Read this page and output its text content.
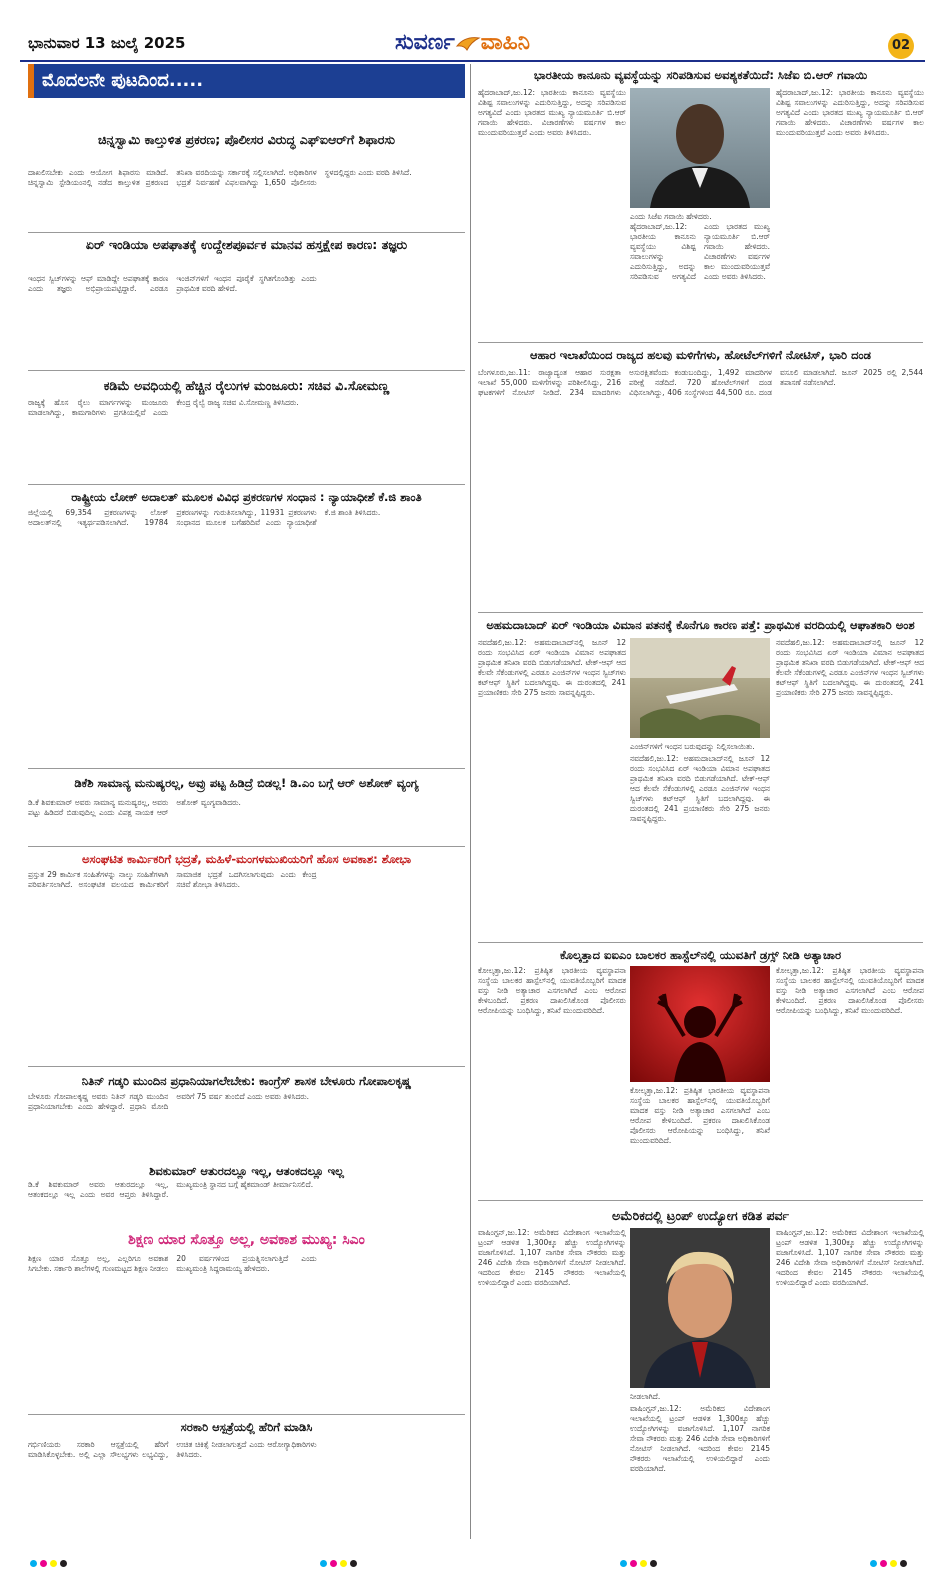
ಭಾನುವಾರ 13 ಜುಲೈ 2025	ಸುವರ್ಣ ವಾಹಿನಿ	02
ಮೊದಲನೇ ಪುಟದಿಂದ.....
ಚಿನ್ನಸ್ವಾಮಿ ಕಾಲ್ತುಳಿತ ಪ್ರಕರಣ; ಪೊಲೀಸರ ವಿರುದ್ಧ ಎಫ್‌ಐಆರ್‌ಗೆ ಶಿಫಾರಸು
ದಾಖಲಿಸಬೇಕು ಎಂದು ಆಯೋಗ ಶಿಫಾರಸು ಮಾಡಿದೆ. ಚಿನ್ನಸ್ವಾಮಿ ಸ್ಟೇಡಿಯಂನಲ್ಲಿ ನಡೆದ ಕಾಲ್ತುಳಿತ ಪ್ರಕರಣದ ತನಿಖಾ ವರದಿಯನ್ನು ಸರ್ಕಾರಕ್ಕೆ ಸಲ್ಲಿಸಲಾಗಿದೆ. ಅಧಿಕಾರಿಗಳ ಭದ್ರತೆ ನಿರ್ವಹಣೆ ವಿಫಲವಾಗಿದ್ದು 1,650 ಪೊಲೀಸರು ಸ್ಥಳದಲ್ಲಿದ್ದರು ಎಂದು ವರದಿ ತಿಳಿಸಿದೆ.
ಏರ್ ಇಂಡಿಯಾ ಅಪಘಾತಕ್ಕೆ ಉದ್ದೇಶಪೂರ್ವಕ ಮಾನವ ಹಸ್ತಕ್ಷೇಪ ಕಾರಣ: ತಜ್ಞರು
ಇಂಧನ ಸ್ವಿಚ್‌ಗಳನ್ನು ಆಫ್ ಮಾಡಿದ್ದೇ ಅಪಘಾತಕ್ಕೆ ಕಾರಣ ಎಂದು ತಜ್ಞರು ಅಭಿಪ್ರಾಯಪಟ್ಟಿದ್ದಾರೆ. ಎರಡೂ ಇಂಜಿನ್‌ಗಳಿಗೆ ಇಂಧನ ಪೂರೈಕೆ ಸ್ಥಗಿತಗೊಂಡಿತ್ತು ಎಂದು ಪ್ರಾಥಮಿಕ ವರದಿ ಹೇಳಿದೆ.
ಕಡಿಮೆ ಅವಧಿಯಲ್ಲಿ ಹೆಚ್ಚಿನ ರೈಲುಗಳ ಮಂಜೂರು: ಸಚಿವ ವಿ.ಸೋಮಣ್ಣ
ರಾಜ್ಯಕ್ಕೆ ಹೊಸ ರೈಲು ಮಾರ್ಗಗಳನ್ನು ಮಂಜೂರು ಮಾಡಲಾಗಿದ್ದು, ಕಾಮಗಾರಿಗಳು ಪ್ರಗತಿಯಲ್ಲಿವೆ ಎಂದು ಕೇಂದ್ರ ರೈಲ್ವೆ ರಾಜ್ಯ ಸಚಿವ ವಿ.ಸೋಮಣ್ಣ ತಿಳಿಸಿದರು.
ರಾಷ್ಟ್ರೀಯ ಲೋಕ್ ಅದಾಲತ್ ಮೂಲಕ ವಿವಿಧ ಪ್ರಕರಣಗಳ ಸಂಧಾನ : ನ್ಯಾಯಾಧೀಶೆ ಕೆ.ಜಿ ಶಾಂತಿ
ಜಿಲ್ಲೆಯಲ್ಲಿ 69,354 ಪ್ರಕರಣಗಳನ್ನು ಲೋಕ್ ಅದಾಲತ್‌ನಲ್ಲಿ ಇತ್ಯರ್ಥಪಡಿಸಲಾಗಿದೆ. 19784 ಪ್ರಕರಣಗಳನ್ನು ಗುರುತಿಸಲಾಗಿದ್ದು, 11931 ಪ್ರಕರಣಗಳು ಸಂಧಾನದ ಮೂಲಕ ಬಗೆಹರಿದಿವೆ ಎಂದು ನ್ಯಾಯಾಧೀಶೆ ಕೆ.ಜಿ ಶಾಂತಿ ತಿಳಿಸಿದರು.
ಡಿಕೆಶಿ ಸಾಮಾನ್ಯ ಮನುಷ್ಯರಲ್ಲ, ಅವ್ರು ಪಟ್ಟ ಹಿಡಿದ್ರೆ ಬಿಡಲ್ಲ! ಡಿ.ಎಂ ಬಗ್ಗೆ ಆರ್ ಅಶೋಕ್ ವ್ಯಂಗ್ಯ
ಡಿ.ಕೆ ಶಿವಕುಮಾರ್ ಅವರು ಸಾಮಾನ್ಯ ಮನುಷ್ಯರಲ್ಲ, ಅವರು ಪಟ್ಟು ಹಿಡಿದರೆ ಬಿಡುವುದಿಲ್ಲ ಎಂದು ವಿಪಕ್ಷ ನಾಯಕ ಆರ್ ಅಶೋಕ್ ವ್ಯಂಗ್ಯವಾಡಿದರು.
ಅಸಂಘಟಿತ ಕಾರ್ಮಿಕರಿಗೆ ಭದ್ರತೆ, ಮಹಿಳೆ-ಮಂಗಳಮುಖಿಯರಿಗೆ ಹೊಸ ಅವಕಾಶ: ಶೋಭಾ
ಪ್ರಸ್ತುತ 29 ಕಾರ್ಮಿಕ ಸಂಹಿತೆಗಳನ್ನು ನಾಲ್ಕು ಸಂಹಿತೆಗಳಾಗಿ ಪರಿವರ್ತಿಸಲಾಗಿದೆ. ಅಸಂಘಟಿತ ವಲಯದ ಕಾರ್ಮಿಕರಿಗೆ ಸಾಮಾಜಿಕ ಭದ್ರತೆ ಒದಗಿಸಲಾಗುವುದು ಎಂದು ಕೇಂದ್ರ ಸಚಿವೆ ಶೋಭಾ ತಿಳಿಸಿದರು.
ನಿತಿನ್ ಗಡ್ಕರಿ ಮುಂದಿನ ಪ್ರಧಾನಿಯಾಗಲೇಬೇಕು: ಕಾಂಗ್ರೆಸ್ ಶಾಸಕ ಬೇಳೂರು ಗೋಪಾಲಕೃಷ್ಣ
ಬೇಳೂರು ಗೋಪಾಲಕೃಷ್ಣ ಅವರು ನಿತಿನ್ ಗಡ್ಕರಿ ಮುಂದಿನ ಪ್ರಧಾನಿಯಾಗಬೇಕು ಎಂದು ಹೇಳಿದ್ದಾರೆ. ಪ್ರಧಾನಿ ಮೋದಿ ಅವರಿಗೆ 75 ವರ್ಷ ತುಂಬಿದೆ ಎಂದು ಅವರು ತಿಳಿಸಿದರು.
ಶಿವಕುಮಾರ್ ಆತುರದಲ್ಲೂ ಇಲ್ಲ, ಆತಂಕದಲ್ಲೂ ಇಲ್ಲ
ಡಿ.ಕೆ ಶಿವಕುಮಾರ್ ಅವರು ಆತುರದಲ್ಲೂ ಇಲ್ಲ, ಆತಂಕದಲ್ಲೂ ಇಲ್ಲ ಎಂದು ಅವರ ಆಪ್ತರು ತಿಳಿಸಿದ್ದಾರೆ. ಮುಖ್ಯಮಂತ್ರಿ ಸ್ಥಾನದ ಬಗ್ಗೆ ಹೈಕಮಾಂಡ್ ತೀರ್ಮಾನಿಸಲಿದೆ.
ಶಿಕ್ಷಣ ಯಾರ ಸೊತ್ತೂ ಅಲ್ಲ, ಅವಕಾಶ ಮುಖ್ಯ: ಸಿಎಂ
ಶಿಕ್ಷಣ ಯಾರ ಸೊತ್ತೂ ಅಲ್ಲ, ಎಲ್ಲರಿಗೂ ಅವಕಾಶ ಸಿಗಬೇಕು. ಸರ್ಕಾರಿ ಶಾಲೆಗಳಲ್ಲಿ ಗುಣಮಟ್ಟದ ಶಿಕ್ಷಣ ನೀಡಲು 20 ವರ್ಷಗಳಿಂದ ಪ್ರಯತ್ನಿಸಲಾಗುತ್ತಿದೆ ಎಂದು ಮುಖ್ಯಮಂತ್ರಿ ಸಿದ್ದರಾಮಯ್ಯ ಹೇಳಿದರು.
ಸರಕಾರಿ ಆಸ್ಪತ್ರೆಯಲ್ಲಿ ಹೆರಿಗೆ ಮಾಡಿಸಿ
ಗರ್ಭಿಣಿಯರು ಸರಕಾರಿ ಆಸ್ಪತ್ರೆಯಲ್ಲಿ ಹೆರಿಗೆ ಮಾಡಿಸಿಕೊಳ್ಳಬೇಕು. ಅಲ್ಲಿ ಎಲ್ಲಾ ಸೌಲಭ್ಯಗಳು ಲಭ್ಯವಿದ್ದು, ಉಚಿತ ಚಿಕಿತ್ಸೆ ನೀಡಲಾಗುತ್ತದೆ ಎಂದು ಆರೋಗ್ಯಾಧಿಕಾರಿಗಳು ತಿಳಿಸಿದರು.
ಭಾರತೀಯ ಕಾನೂನು ವ್ಯವಸ್ಥೆಯನ್ನು ಸರಿಪಡಿಸುವ ಅವಶ್ಯಕತೆಯಿದೆ: ಸಿಜೆಐ ಬಿ.ಆರ್ ಗವಾಯಿ
ಎಂದು ಸಿಜೆಐ ಗವಾಯಿ ಹೇಳಿದರು.
ಹೈದರಾಬಾದ್,ಜು.12: ಭಾರತೀಯ ಕಾನೂನು ವ್ಯವಸ್ಥೆಯು ವಿಶಿಷ್ಟ ಸವಾಲುಗಳನ್ನು ಎದುರಿಸುತ್ತಿದ್ದು, ಅದನ್ನು ಸರಿಪಡಿಸುವ ಅಗತ್ಯವಿದೆ ಎಂದು ಭಾರತದ ಮುಖ್ಯ ನ್ಯಾಯಮೂರ್ತಿ ಬಿ.ಆರ್ ಗವಾಯಿ ಹೇಳಿದರು. ವಿಚಾರಣೆಗಳು ವರ್ಷಗಳ ಕಾಲ ಮುಂದುವರಿಯುತ್ತವೆ ಎಂದು ಅವರು ತಿಳಿಸಿದರು.
ಹೈದರಾಬಾದ್,ಜು.12: ಭಾರತೀಯ ಕಾನೂನು ವ್ಯವಸ್ಥೆಯು ವಿಶಿಷ್ಟ ಸವಾಲುಗಳನ್ನು ಎದುರಿಸುತ್ತಿದ್ದು, ಅದನ್ನು ಸರಿಪಡಿಸುವ ಅಗತ್ಯವಿದೆ ಎಂದು ಭಾರತದ ಮುಖ್ಯ ನ್ಯಾಯಮೂರ್ತಿ ಬಿ.ಆರ್ ಗವಾಯಿ ಹೇಳಿದರು. ವಿಚಾರಣೆಗಳು ವರ್ಷಗಳ ಕಾಲ ಮುಂದುವರಿಯುತ್ತವೆ ಎಂದು ಅವರು ತಿಳಿಸಿದರು.
ಹೈದರಾಬಾದ್,ಜು.12: ಭಾರತೀಯ ಕಾನೂನು ವ್ಯವಸ್ಥೆಯು ವಿಶಿಷ್ಟ ಸವಾಲುಗಳನ್ನು ಎದುರಿಸುತ್ತಿದ್ದು, ಅದನ್ನು ಸರಿಪಡಿಸುವ ಅಗತ್ಯವಿದೆ ಎಂದು ಭಾರತದ ಮುಖ್ಯ ನ್ಯಾಯಮೂರ್ತಿ ಬಿ.ಆರ್ ಗವಾಯಿ ಹೇಳಿದರು. ವಿಚಾರಣೆಗಳು ವರ್ಷಗಳ ಕಾಲ ಮುಂದುವರಿಯುತ್ತವೆ ಎಂದು ಅವರು ತಿಳಿಸಿದರು.
ಆಹಾರ ಇಲಾಖೆಯಿಂದ ರಾಜ್ಯದ ಹಲವು ಮಳಿಗೆಗಳು, ಹೋಟೆಲ್‌ಗಳಿಗೆ ನೋಟಿಸ್, ಭಾರಿ ದಂಡ
ಬೆಂಗಳೂರು,ಜು.11: ರಾಜ್ಯಾದ್ಯಂತ ಆಹಾರ ಸುರಕ್ಷತಾ ಇಲಾಖೆ 55,000 ಮಳಿಗೆಗಳನ್ನು ಪರಿಶೀಲಿಸಿದ್ದು, 216 ಘಟಕಗಳಿಗೆ ನೋಟಿಸ್ ನೀಡಿದೆ. 234 ಮಾದರಿಗಳು ಅಸುರಕ್ಷಿತವೆಂದು ಕಂಡುಬಂದಿದ್ದು, 1,492 ಮಾದರಿಗಳ ಪರೀಕ್ಷೆ ನಡೆದಿದೆ. 720 ಹೋಟೆಲ್‌ಗಳಿಗೆ ದಂಡ ವಿಧಿಸಲಾಗಿದ್ದು, 406 ಸಂಸ್ಥೆಗಳಿಂದ 44,500 ರೂ. ದಂಡ ವಸೂಲಿ ಮಾಡಲಾಗಿದೆ. ಜೂನ್ 2025 ರಲ್ಲಿ 2,544 ತಪಾಸಣೆ ನಡೆಸಲಾಗಿದೆ.
ಅಹಮದಾಬಾದ್ ಏರ್ ಇಂಡಿಯಾ ವಿಮಾನ ಪತನಕ್ಕೆ ಕೊನೆಗೂ ಕಾರಣ ಪತ್ತೆ: ಪ್ರಾಥಮಿಕ ವರದಿಯಲ್ಲಿ ಆಘಾತಕಾರಿ ಅಂಶ
ಎಂಜಿನ್‌ಗಳಿಗೆ ಇಂಧನ ಬರುವುದನ್ನು ನಿಲ್ಲಿಸಲಾಯಿತು.
ನವದೆಹಲಿ,ಜು.12: ಅಹಮದಾಬಾದ್‌ನಲ್ಲಿ ಜೂನ್ 12 ರಂದು ಸಂಭವಿಸಿದ ಏರ್ ಇಂಡಿಯಾ ವಿಮಾನ ಅಪಘಾತದ ಪ್ರಾಥಮಿಕ ತನಿಖಾ ವರದಿ ಬಿಡುಗಡೆಯಾಗಿದೆ. ಟೇಕ್-ಆಫ್ ಆದ ಕೆಲವೇ ಸೆಕೆಂಡುಗಳಲ್ಲಿ ಎರಡೂ ಎಂಜಿನ್‌ಗಳ ಇಂಧನ ಸ್ವಿಚ್‌ಗಳು ಕಟ್‌ಆಫ್ ಸ್ಥಿತಿಗೆ ಬದಲಾಗಿದ್ದವು. ಈ ದುರಂತದಲ್ಲಿ 241 ಪ್ರಯಾಣಿಕರು ಸೇರಿ 275 ಜನರು ಸಾವನ್ನಪ್ಪಿದ್ದರು.
ನವದೆಹಲಿ,ಜು.12: ಅಹಮದಾಬಾದ್‌ನಲ್ಲಿ ಜೂನ್ 12 ರಂದು ಸಂಭವಿಸಿದ ಏರ್ ಇಂಡಿಯಾ ವಿಮಾನ ಅಪಘಾತದ ಪ್ರಾಥಮಿಕ ತನಿಖಾ ವರದಿ ಬಿಡುಗಡೆಯಾಗಿದೆ. ಟೇಕ್-ಆಫ್ ಆದ ಕೆಲವೇ ಸೆಕೆಂಡುಗಳಲ್ಲಿ ಎರಡೂ ಎಂಜಿನ್‌ಗಳ ಇಂಧನ ಸ್ವಿಚ್‌ಗಳು ಕಟ್‌ಆಫ್ ಸ್ಥಿತಿಗೆ ಬದಲಾಗಿದ್ದವು. ಈ ದುರಂತದಲ್ಲಿ 241 ಪ್ರಯಾಣಿಕರು ಸೇರಿ 275 ಜನರು ಸಾವನ್ನಪ್ಪಿದ್ದರು.
ನವದೆಹಲಿ,ಜು.12: ಅಹಮದಾಬಾದ್‌ನಲ್ಲಿ ಜೂನ್ 12 ರಂದು ಸಂಭವಿಸಿದ ಏರ್ ಇಂಡಿಯಾ ವಿಮಾನ ಅಪಘಾತದ ಪ್ರಾಥಮಿಕ ತನಿಖಾ ವರದಿ ಬಿಡುಗಡೆಯಾಗಿದೆ. ಟೇಕ್-ಆಫ್ ಆದ ಕೆಲವೇ ಸೆಕೆಂಡುಗಳಲ್ಲಿ ಎರಡೂ ಎಂಜಿನ್‌ಗಳ ಇಂಧನ ಸ್ವಿಚ್‌ಗಳು ಕಟ್‌ಆಫ್ ಸ್ಥಿತಿಗೆ ಬದಲಾಗಿದ್ದವು. ಈ ದುರಂತದಲ್ಲಿ 241 ಪ್ರಯಾಣಿಕರು ಸೇರಿ 275 ಜನರು ಸಾವನ್ನಪ್ಪಿದ್ದರು.
ಕೊಲ್ಕತ್ತಾದ ಐಐಎಂ ಬಾಲಕರ ಹಾಸ್ಟೆಲ್‌ನಲ್ಲಿ ಯುವತಿಗೆ ಡ್ರಗ್ಸ್ ನೀಡಿ ಅತ್ಯಾಚಾರ
ಕೋಲ್ಕತ್ತಾ,ಜು.12: ಪ್ರತಿಷ್ಠಿತ ಭಾರತೀಯ ವ್ಯವಸ್ಥಾಪನಾ ಸಂಸ್ಥೆಯ ಬಾಲಕರ ಹಾಸ್ಟೆಲ್‌ನಲ್ಲಿ ಯುವತಿಯೊಬ್ಬರಿಗೆ ಮಾದಕ ವಸ್ತು ನೀಡಿ ಅತ್ಯಾಚಾರ ಎಸಗಲಾಗಿದೆ ಎಂಬ ಆರೋಪ ಕೇಳಿಬಂದಿದೆ. ಪ್ರಕರಣ ದಾಖಲಿಸಿಕೊಂಡ ಪೊಲೀಸರು ಆರೋಪಿಯನ್ನು ಬಂಧಿಸಿದ್ದು, ತನಿಖೆ ಮುಂದುವರಿದಿದೆ.
ಕೋಲ್ಕತ್ತಾ,ಜು.12: ಪ್ರತಿಷ್ಠಿತ ಭಾರತೀಯ ವ್ಯವಸ್ಥಾಪನಾ ಸಂಸ್ಥೆಯ ಬಾಲಕರ ಹಾಸ್ಟೆಲ್‌ನಲ್ಲಿ ಯುವತಿಯೊಬ್ಬರಿಗೆ ಮಾದಕ ವಸ್ತು ನೀಡಿ ಅತ್ಯಾಚಾರ ಎಸಗಲಾಗಿದೆ ಎಂಬ ಆರೋಪ ಕೇಳಿಬಂದಿದೆ. ಪ್ರಕರಣ ದಾಖಲಿಸಿಕೊಂಡ ಪೊಲೀಸರು ಆರೋಪಿಯನ್ನು ಬಂಧಿಸಿದ್ದು, ತನಿಖೆ ಮುಂದುವರಿದಿದೆ.
ಕೋಲ್ಕತ್ತಾ,ಜು.12: ಪ್ರತಿಷ್ಠಿತ ಭಾರತೀಯ ವ್ಯವಸ್ಥಾಪನಾ ಸಂಸ್ಥೆಯ ಬಾಲಕರ ಹಾಸ್ಟೆಲ್‌ನಲ್ಲಿ ಯುವತಿಯೊಬ್ಬರಿಗೆ ಮಾದಕ ವಸ್ತು ನೀಡಿ ಅತ್ಯಾಚಾರ ಎಸಗಲಾಗಿದೆ ಎಂಬ ಆರೋಪ ಕೇಳಿಬಂದಿದೆ. ಪ್ರಕರಣ ದಾಖಲಿಸಿಕೊಂಡ ಪೊಲೀಸರು ಆರೋಪಿಯನ್ನು ಬಂಧಿಸಿದ್ದು, ತನಿಖೆ ಮುಂದುವರಿದಿದೆ.
ಅಮೆರಿಕದಲ್ಲಿ ಟ್ರಂಪ್ ಉದ್ಯೋಗ ಕಡಿತ ಪರ್ವ
ನೀಡಲಾಗಿದೆ.
ವಾಷಿಂಗ್ಟನ್,ಜು.12: ಅಮೆರಿಕದ ವಿದೇಶಾಂಗ ಇಲಾಖೆಯಲ್ಲಿ ಟ್ರಂಪ್ ಆಡಳಿತ 1,300ಕ್ಕೂ ಹೆಚ್ಚು ಉದ್ಯೋಗಿಗಳನ್ನು ವಜಾಗೊಳಿಸಿದೆ. 1,107 ನಾಗರಿಕ ಸೇವಾ ನೌಕರರು ಮತ್ತು 246 ವಿದೇಶಿ ಸೇವಾ ಅಧಿಕಾರಿಗಳಿಗೆ ನೋಟಿಸ್ ನೀಡಲಾಗಿದೆ. ಇದರಿಂದ ಕೇವಲ 2145 ನೌಕರರು ಇಲಾಖೆಯಲ್ಲಿ ಉಳಿಯಲಿದ್ದಾರೆ ಎಂದು ವರದಿಯಾಗಿದೆ.
ವಾಷಿಂಗ್ಟನ್,ಜು.12: ಅಮೆರಿಕದ ವಿದೇಶಾಂಗ ಇಲಾಖೆಯಲ್ಲಿ ಟ್ರಂಪ್ ಆಡಳಿತ 1,300ಕ್ಕೂ ಹೆಚ್ಚು ಉದ್ಯೋಗಿಗಳನ್ನು ವಜಾಗೊಳಿಸಿದೆ. 1,107 ನಾಗರಿಕ ಸೇವಾ ನೌಕರರು ಮತ್ತು 246 ವಿದೇಶಿ ಸೇವಾ ಅಧಿಕಾರಿಗಳಿಗೆ ನೋಟಿಸ್ ನೀಡಲಾಗಿದೆ. ಇದರಿಂದ ಕೇವಲ 2145 ನೌಕರರು ಇಲಾಖೆಯಲ್ಲಿ ಉಳಿಯಲಿದ್ದಾರೆ ಎಂದು ವರದಿಯಾಗಿದೆ.
ವಾಷಿಂಗ್ಟನ್,ಜು.12: ಅಮೆರಿಕದ ವಿದೇಶಾಂಗ ಇಲಾಖೆಯಲ್ಲಿ ಟ್ರಂಪ್ ಆಡಳಿತ 1,300ಕ್ಕೂ ಹೆಚ್ಚು ಉದ್ಯೋಗಿಗಳನ್ನು ವಜಾಗೊಳಿಸಿದೆ. 1,107 ನಾಗರಿಕ ಸೇವಾ ನೌಕರರು ಮತ್ತು 246 ವಿದೇಶಿ ಸೇವಾ ಅಧಿಕಾರಿಗಳಿಗೆ ನೋಟಿಸ್ ನೀಡಲಾಗಿದೆ. ಇದರಿಂದ ಕೇವಲ 2145 ನೌಕರರು ಇಲಾಖೆಯಲ್ಲಿ ಉಳಿಯಲಿದ್ದಾರೆ ಎಂದು ವರದಿಯಾಗಿದೆ.
